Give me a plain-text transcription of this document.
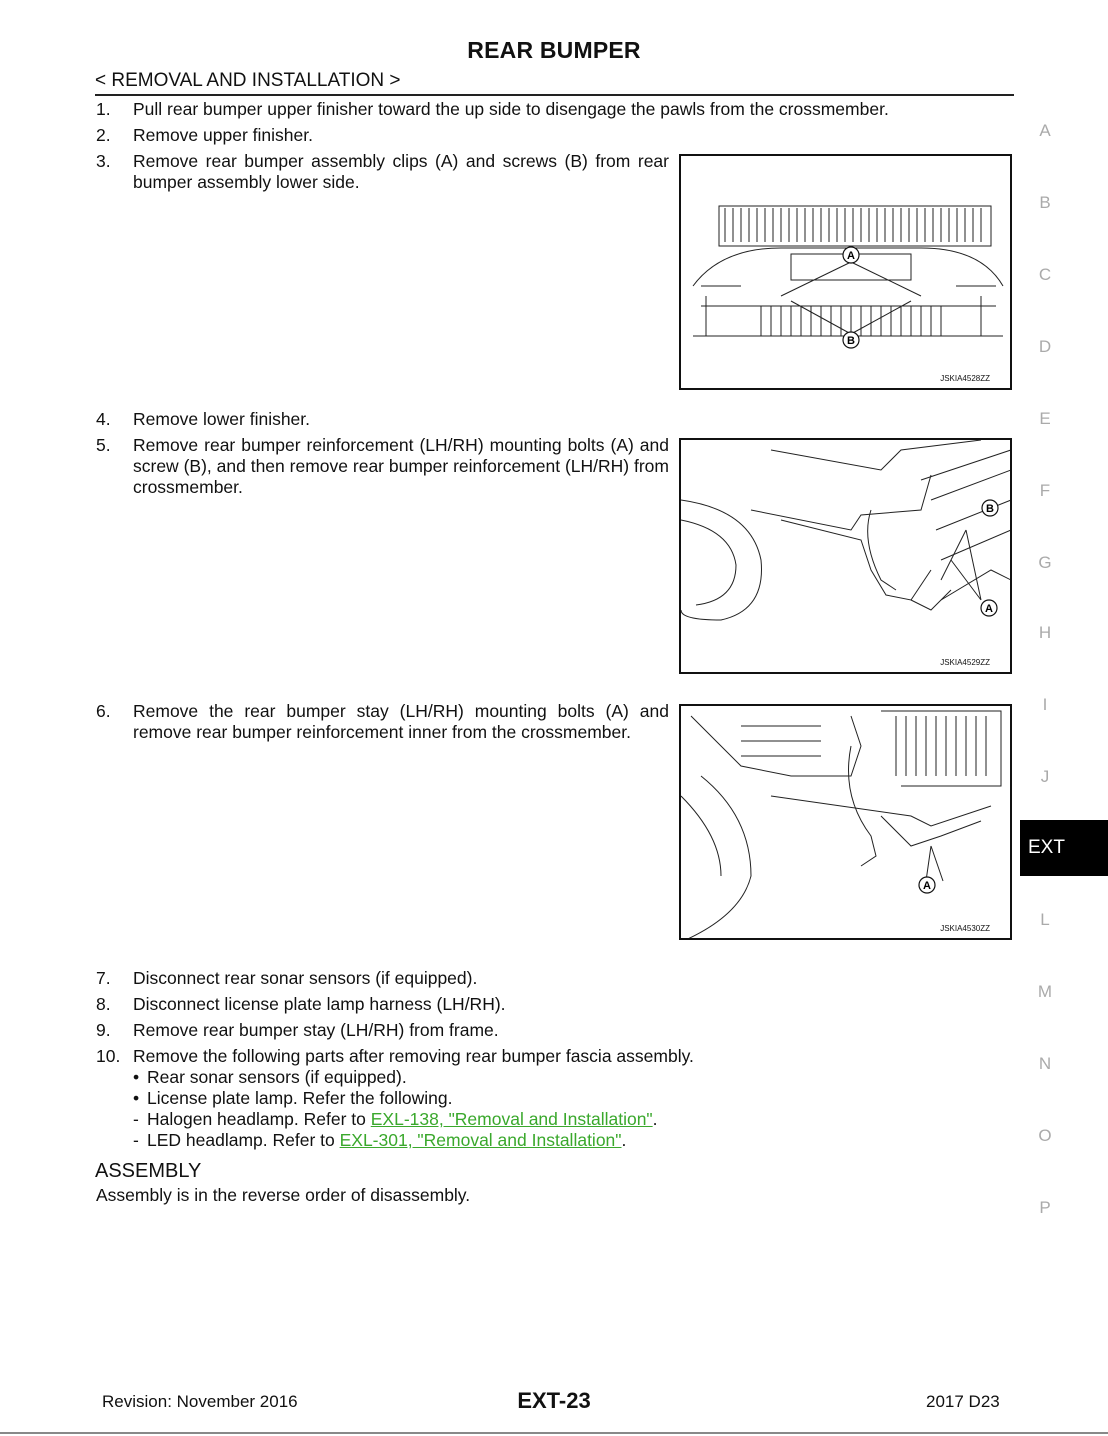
REAR BUMPER
< REMOVAL AND INSTALLATION >
1. Pull rear bumper upper finisher toward the up side to disengage the pawls from the crossmember.
2. Remove upper finisher.
3. Remove rear bumper assembly clips (A) and screws (B) from rear bumper assembly lower side.
4. Remove lower finisher.
5. Remove rear bumper reinforcement (LH/RH) mounting bolts (A) and screw (B), and then remove rear bumper reinforcement (LH/RH) from crossmember.
6. Remove the rear bumper stay (LH/RH) mounting bolts (A) and remove rear bumper reinforcement inner from the crossmember.
7. Disconnect rear sonar sensors (if equipped).
8. Disconnect license plate lamp harness (LH/RH).
9. Remove rear bumper stay (LH/RH) from frame.
10. Remove the following parts after removing rear bumper fascia assembly.
• Rear sonar sensors (if equipped).
• License plate lamp. Refer the following.
- Halogen headlamp. Refer to EXL-138, "Removal and Installation".
- LED headlamp. Refer to EXL-301, "Removal and Installation".
A
B
JSKIA4528ZZ
B
A
JSKIA4529ZZ
A
JSKIA4530ZZ
ASSEMBLY
Assembly is in the reverse order of disassembly.
A
B
C
D
E
F
G
H
I
J
EXT
L
M
N
O
P
Revision: November 2016	EXT-23	2017 D23
